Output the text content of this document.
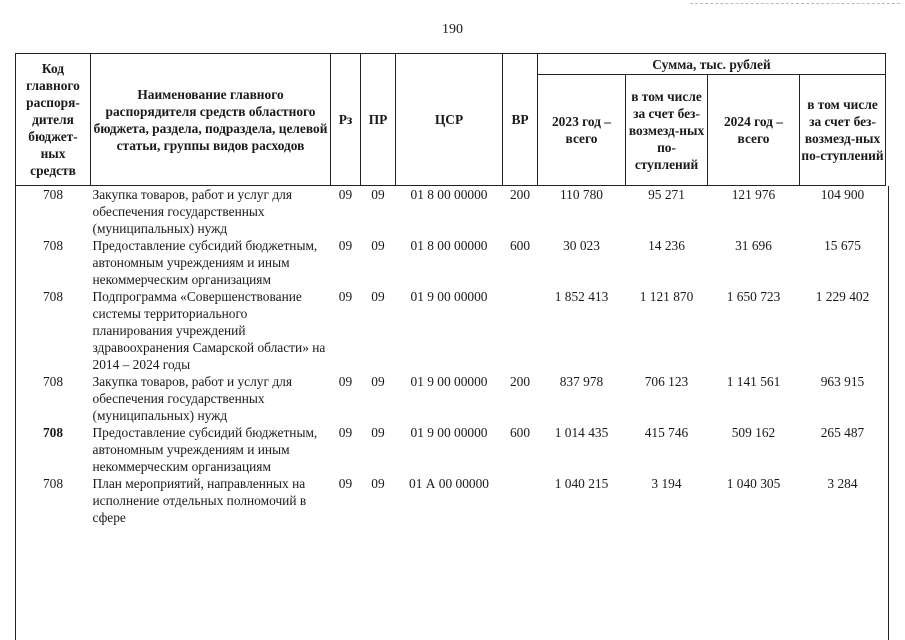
190
Код главного распоря-дителя бюджет-ных средств	Наименование главного распорядителя средств областного бюджета, раздела, подраздела, целевой статьи, группы видов расходов	Рз	ПР	ЦСР	ВР	Сумма, тыс. рублей			
						2023 год – всего	в том числе за счет без-возмезд-ных по-ступлений	2024 год – всего	в том числе за счет без-возмезд-ных по-ступлений
708	Закупка товаров, работ и услуг для обеспечения государственных (муниципальных) нужд	09	09	01 8 00 00000	200	110 780	95 271	121 976	104 900
708	Предоставление субсидий бюджетным, автономным учреждениям и иным некоммерческим организациям	09	09	01 8 00 00000	600	30 023	14 236	31 696	15 675
708	Подпрограмма «Совершенствование системы территориального планирования учреждений здравоохранения Самарской области» на 2014 – 2024 годы	09	09	01 9 00 00000		1 852 413	1 121 870	1 650 723	1 229 402
708	Закупка товаров, работ и услуг для обеспечения государственных (муниципальных) нужд	09	09	01 9 00 00000	200	837 978	706 123	1 141 561	963 915
708	Предоставление субсидий бюджетным, автономным учреждениям и иным некоммерческим организациям	09	09	01 9 00 00000	600	1 014 435	415 746	509 162	265 487
708	План мероприятий, направленных на исполнение отдельных полномочий в сфере	09	09	01 А 00 00000		1 040 215	3 194	1 040 305	3 284
